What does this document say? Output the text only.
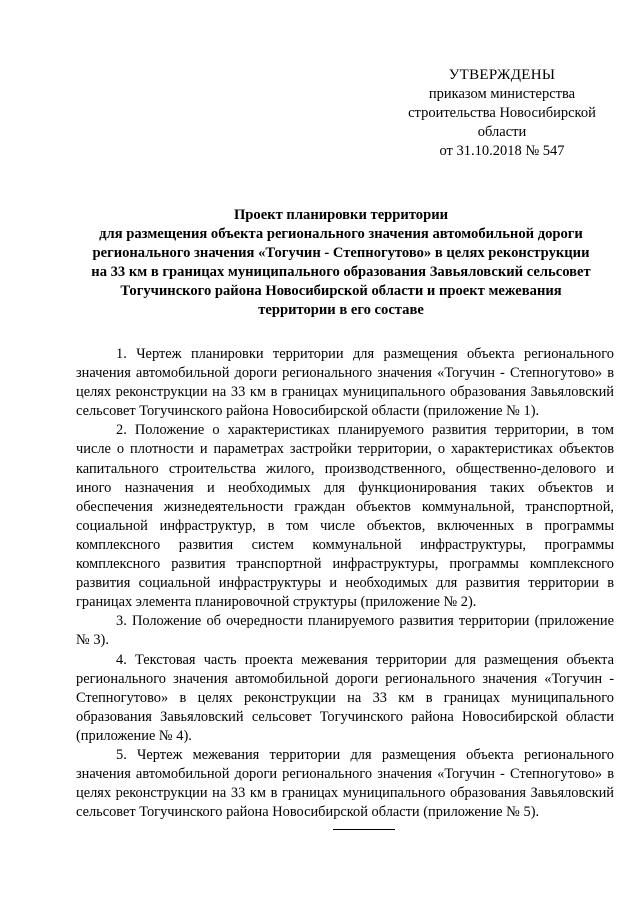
УТВЕРЖДЕНЫ
приказом министерства
строительства Новосибирской
области
от 31.10.2018 № 547
Проект планировки территории
для размещения объекта регионального значения автомобильной дороги
регионального значения «Тогучин - Степногутово» в целях реконструкции
на 33 км в границах муниципального образования Завьяловский сельсовет
Тогучинского района Новосибирской области и проект межевания
территории в его составе

1. Чертеж планировки территории для размещения объекта регионального значения автомобильной дороги регионального значения «Тогучин - Степногутово» в целях реконструкции на 33 км в границах муниципального образования Завьяловский сельсовет Тогучинского района Новосибирской области (приложение № 1).

2. Положение о характеристиках планируемого развития территории, в том числе о плотности и параметрах застройки территории, о характеристиках объектов капитального строительства жилого, производственного, общественно-делового и иного назначения и необходимых для функционирования таких объектов и обеспечения жизнедеятельности граждан объектов коммунальной, транспортной, социальной инфраструктур, в том числе объектов, включенных в программы комплексного развития систем коммунальной инфраструктуры, программы комплексного развития транспортной инфраструктуры, программы комплексного развития социальной инфраструктуры и необходимых для развития территории в границах элемента планировочной структуры (приложение № 2).

3. Положение об очередности планируемого развития территории (приложение № 3).

4. Текстовая часть проекта межевания территории для размещения объекта регионального значения автомобильной дороги регионального значения «Тогучин - Степногутово» в целях реконструкции на 33 км в границах муниципального образования Завьяловский сельсовет Тогучинского района Новосибирской области (приложение № 4).

5. Чертеж межевания территории для размещения объекта регионального значения автомобильной дороги регионального значения «Тогучин - Степногутово» в целях реконструкции на 33 км в границах муниципального образования Завьяловский сельсовет Тогучинского района Новосибирской области (приложение № 5).
